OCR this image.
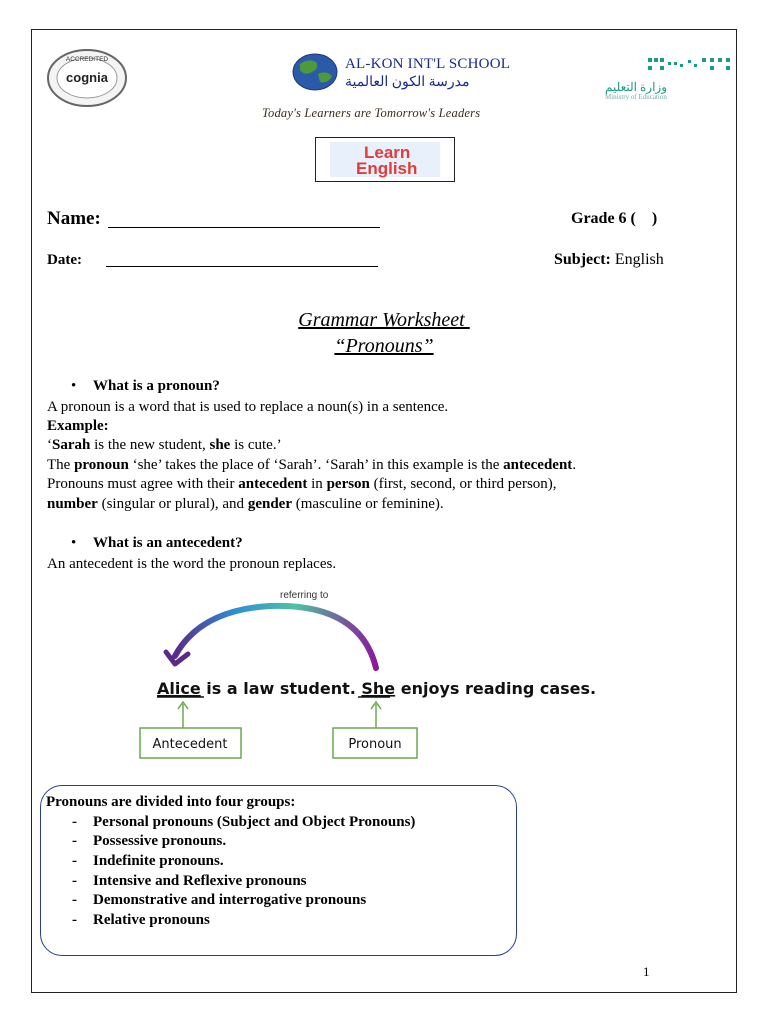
ACCREDITED
cognia
AL-KON INT'L SCHOOL
مدرسة الكون العالمية
Today's Learners are Tomorrow's Leaders
وزارة التعليم
Ministry of Education
Learn
English
Name:	Grade 6 (    )
Date:	Subject: English
Grammar Worksheet
“Pronouns”
• What is a pronoun?
A pronoun is a word that is used to replace a noun(s) in a sentence.
Example:
‘Sarah is the new student, she is cute.’
The pronoun ‘she’ takes the place of ‘Sarah’. ‘Sarah’ in this example is the antecedent.
Pronouns must agree with their antecedent in person (first, second, or third person),
number (singular or plural), and gender (masculine or feminine).
• What is an antecedent?
An antecedent is the word the pronoun replaces.
referring to
Alice is a law student. She enjoys reading cases.
Antecedent	Pronoun
Pronouns are divided into four groups:
- Personal pronouns (Subject and Object Pronouns)
- Possessive pronouns.
- Indefinite pronouns.
- Intensive and Reflexive pronouns
- Demonstrative and interrogative pronouns
- Relative pronouns
1
